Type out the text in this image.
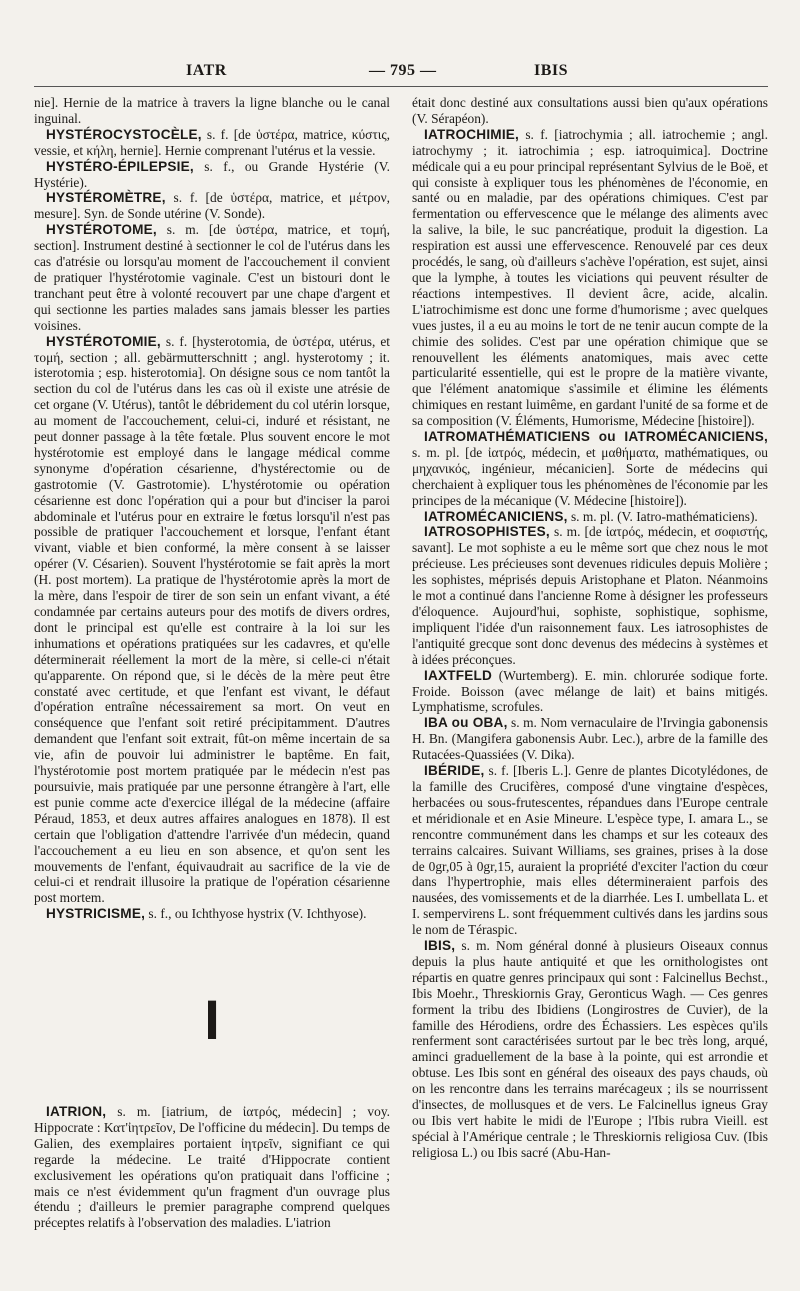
IATR	— 795 —	IBIS

nie]. Hernie de la matrice à travers la ligne blanche ou le canal inguinal.

HYSTÉROCYSTOCÈLE, s. f. [de ὑστέρα, matrice, κύστις, vessie, et κήλη, hernie]. Hernie comprenant l'utérus et la vessie.

HYSTÉRO-ÉPILEPSIE, s. f., ou Grande Hystérie (V. Hystérie).

HYSTÉROMÈTRE, s. f. [de ὑστέρα, matrice, et μέτρον, mesure]. Syn. de Sonde utérine (V. Sonde).

HYSTÉROTOME, s. m. [de ὑστέρα, matrice, et τομή, section]. Instrument destiné à sectionner le col de l'utérus dans les cas d'atrésie ou lorsqu'au moment de l'accouchement il convient de pratiquer l'hystérotomie vaginale. C'est un bistouri dont le tranchant peut être à volonté recouvert par une chape d'argent et qui sectionne les parties malades sans jamais blesser les parties voisines.

HYSTÉROTOMIE, s. f. [hysterotomia, de ὑστέρα, utérus, et τομή, section ; all. gebärmutterschnitt ; angl. hysterotomy ; it. isterotomia ; esp. histerotomia]. On désigne sous ce nom tantôt la section du col de l'utérus dans les cas où il existe une atrésie de cet organe (V. Utérus), tantôt le débridement du col utérin lorsque, au moment de l'accouchement, celui-ci, induré et résistant, ne peut donner passage à la tête fœtale. Plus souvent encore le mot hystérotomie est employé dans le langage médical comme synonyme d'opération césarienne, d'hystérectomie ou de gastrotomie (V. Gastrotomie). L'hystérotomie ou opération césarienne est donc l'opération qui a pour but d'inciser la paroi abdominale et l'utérus pour en extraire le fœtus lorsqu'il n'est pas possible de pratiquer l'accouchement et lorsque, l'enfant étant vivant, viable et bien conformé, la mère consent à se laisser opérer (V. Césarien). Souvent l'hystérotomie se fait après la mort (H. post mortem). La pratique de l'hystérotomie après la mort de la mère, dans l'espoir de tirer de son sein un enfant vivant, a été condamnée par certains auteurs pour des motifs de divers ordres, dont le principal est qu'elle est contraire à la loi sur les inhumations et opérations pratiquées sur les cadavres, et qu'elle déterminerait réellement la mort de la mère, si celle-ci n'était qu'apparente. On répond que, si le décès de la mère peut être constaté avec certitude, et que l'enfant est vivant, le défaut d'opération entraîne nécessairement sa mort. On veut en conséquence que l'enfant soit retiré précipitamment. D'autres demandent que l'enfant soit extrait, fût-on même incertain de sa vie, afin de pouvoir lui administrer le baptême. En fait, l'hystérotomie post mortem pratiquée par le médecin n'est pas poursuivie, mais pratiquée par une personne étrangère à l'art, elle est punie comme acte d'exercice illégal de la médecine (affaire Péraud, 1853, et deux autres affaires analogues en 1878). Il est certain que l'obligation d'attendre l'arrivée d'un médecin, quand l'accouchement a eu lieu en son absence, et qu'on sent les mouvements de l'enfant, équivaudrait au sacrifice de la vie de celui-ci et rendrait illusoire la pratique de l'opération césarienne post mortem.

HYSTRICISME, s. f., ou Ichthyose hystrix (V. Ichthyose).

I

IATRION, s. m. [iatrium, de ἰατρός, médecin] ; voy. Hippocrate : Κατ'ἰητρεῖον, De l'officine du médecin]. Du temps de Galien, des exemplaires portaient ἰητρεῖν, signifiant ce qui regarde la médecine. Le traité d'Hippocrate contient exclusivement les opérations qu'on pratiquait dans l'officine ; mais ce n'est évidemment qu'un fragment d'un ouvrage plus étendu ; d'ailleurs le premier paragraphe comprend quelques préceptes relatifs à l'observation des maladies. L'iatrion

était donc destiné aux consultations aussi bien qu'aux opérations (V. Sérapéon).

IATROCHIMIE, s. f. [iatrochymia ; all. iatrochemie ; angl. iatrochymy ; it. iatrochimia ; esp. iatroquimica]. Doctrine médicale qui a eu pour principal représentant Sylvius de le Boë, et qui consiste à expliquer tous les phénomènes de l'économie, en santé ou en maladie, par des opérations chimiques. C'est par fermentation ou effervescence que le mélange des aliments avec la salive, la bile, le suc pancréatique, produit la digestion. La respiration est aussi une effervescence. Renouvelé par ces deux procédés, le sang, où d'ailleurs s'achève l'opération, est sujet, ainsi que la lymphe, à toutes les viciations qui peuvent résulter de réactions intempestives. Il devient âcre, acide, alcalin. L'iatrochimisme est donc une forme d'humorisme ; avec quelques vues justes, il a eu au moins le tort de ne tenir aucun compte de la chimie des solides. C'est par une opération chimique que se renouvellent les éléments anatomiques, mais avec cette particularité essentielle, qui est le propre de la matière vivante, que l'élément anatomique s'assimile et élimine les éléments chimiques en restant luimême, en gardant l'unité de sa forme et de sa composition (V. Éléments, Humorisme, Médecine [histoire]).

IATROMATHÉMATICIENS ou IATROMÉCANICIENS, s. m. pl. [de ἰατρός, médecin, et μαθήματα, mathématiques, ou μηχανικός, ingénieur, mécanicien]. Sorte de médecins qui cherchaient à expliquer tous les phénomènes de l'économie par les principes de la mécanique (V. Médecine [histoire]).

IATROMÉCANICIENS, s. m. pl. (V. Iatro-mathématiciens).

IATROSOPHISTES, s. m. [de ἰατρός, médecin, et σοφιστής, savant]. Le mot sophiste a eu le même sort que chez nous le mot précieuse. Les précieuses sont devenues ridicules depuis Molière ; les sophistes, méprisés depuis Aristophane et Platon. Néanmoins le mot a continué dans l'ancienne Rome à désigner les professeurs d'éloquence. Aujourd'hui, sophiste, sophistique, sophisme, impliquent l'idée d'un raisonnement faux. Les iatrosophistes de l'antiquité grecque sont donc devenus des médecins à systèmes et à idées préconçues.

IAXTFELD (Wurtemberg). E. min. chlorurée sodique forte. Froide. Boisson (avec mélange de lait) et bains mitigés. Lymphatisme, scrofules.

IBA ou OBA, s. m. Nom vernaculaire de l'Irvingia gabonensis H. Bn. (Mangifera gabonensis Aubr. Lec.), arbre de la famille des Rutacées-Quassiées (V. Dika).

IBÉRIDE, s. f. [Iberis L.]. Genre de plantes Dicotylédones, de la famille des Crucifères, composé d'une vingtaine d'espèces, herbacées ou sous-frutescentes, répandues dans l'Europe centrale et méridionale et en Asie Mineure. L'espèce type, I. amara L., se rencontre communément dans les champs et sur les coteaux des terrains calcaires. Suivant Williams, ses graines, prises à la dose de 0gr,05 à 0gr,15, auraient la propriété d'exciter l'action du cœur dans l'hypertrophie, mais elles détermineraient parfois des nausées, des vomissements et de la diarrhée. Les I. umbellata L. et I. sempervirens L. sont fréquemment cultivés dans les jardins sous le nom de Téraspic.

IBIS, s. m. Nom général donné à plusieurs Oiseaux connus depuis la plus haute antiquité et que les ornithologistes ont répartis en quatre genres principaux qui sont : Falcinellus Bechst., Ibis Moehr., Threskiornis Gray, Geronticus Wagh. — Ces genres forment la tribu des Ibidiens (Longirostres de Cuvier), de la famille des Hérodiens, ordre des Échassiers. Les espèces qu'ils renferment sont caractérisées surtout par le bec très long, arqué, aminci graduellement de la base à la pointe, qui est arrondie et obtuse. Les Ibis sont en général des oiseaux des pays chauds, où on les rencontre dans les terrains marécageux ; ils se nourrissent d'insectes, de mollusques et de vers. Le Falcinellus igneus Gray ou Ibis vert habite le midi de l'Europe ; l'Ibis rubra Vieill. est spécial à l'Amérique centrale ; le Threskiornis religiosa Cuv. (Ibis religiosa L.) ou Ibis sacré (Abu-Han-
